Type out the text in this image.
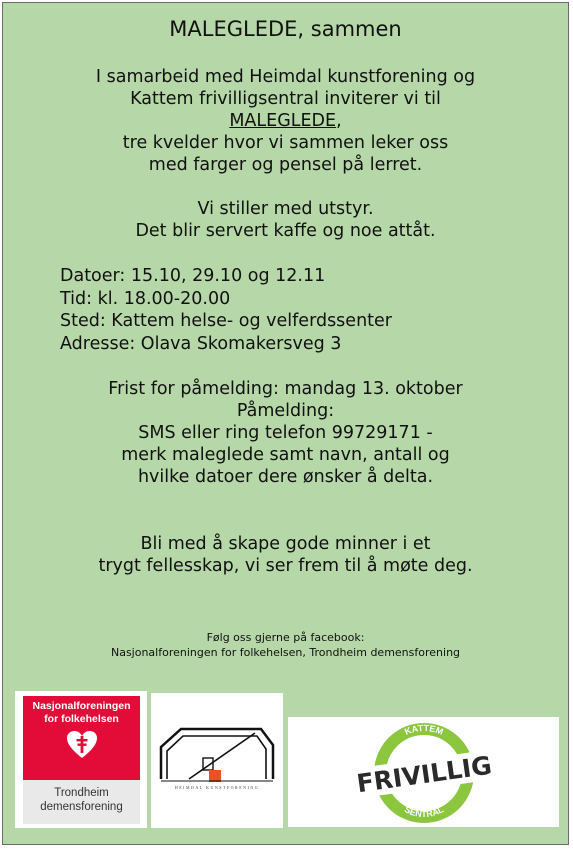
MALEGLEDE, sammen
I samarbeid med Heimdal kunstforening og
Kattem frivilligsentral inviterer vi til
MALEGLEDE,
tre kvelder hvor vi sammen leker oss
med farger og pensel på lerret.
Vi stiller med utstyr.
Det blir servert kaffe og noe attåt.
Datoer: 15.10, 29.10 og 12.11
Tid: kl. 18.00-20.00
Sted: Kattem helse- og velferdssenter
Adresse: Olava Skomakersveg 3
Frist for påmelding: mandag 13. oktober
Påmelding:
SMS eller ring telefon 99729171 -
merk maleglede samt navn, antall og
hvilke datoer dere ønsker å delta.
Bli med å skape gode minner i et
trygt fellesskap, vi ser frem til å møte deg.
Følg oss gjerne på facebook:
Nasjonalforeningen for folkehelsen, Trondheim demensforening
Nasjonalforeningen
for folkehelsen
Trondheim
demensforening
HEIMDAL KUNSTFORENING
KATTEM
SENTRAL
FRIVILLIG
